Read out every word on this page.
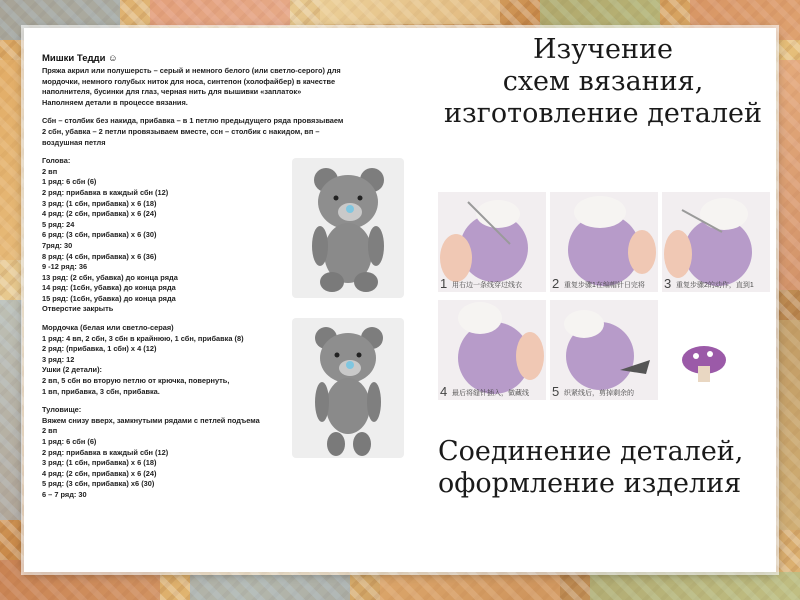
Мишки Тедди ☺
Пряжа акрил или полушерсть – серый и немного белого (или светло-серого) для
мордочки, немного голубых ниток для носа, синтепон (холофайбер) в качестве
наполнителя, бусинки для глаз, черная нить для вышивки «заплаток»
Наполняем детали в процессе вязания.
Сбн – столбик без накида, прибавка – в 1 петлю предыдущего ряда провязываем
2 сбн, убавка – 2 петли провязываем вместе, ссн – столбик с накидом, вп –
воздушная петля
Голова:
2 вп
1 ряд: 6 сбн (6)
2 ряд: прибавка в каждый сбн (12)
3 ряд: (1 сбн, прибавка) х 6 (18)
4 ряд: (2 сбн, прибавка) х 6 (24)
5 ряд: 24
6 ряд: (3 сбн, прибавка) х 6 (30)
7ряд: 30
8 ряд: (4 сбн, прибавка) х 6 (36)
9 -12 ряд: 36
13 ряд: (2 сбн, убавка) до конца ряда
14 ряд: (1сбн, убавка) до конца ряда
15 ряд: (1сбн, убавка) до конца ряда
Отверстие закрыть
Мордочка (белая или светло-серая)
1 ряд: 4 вп, 2 сбн, 3 сбн в крайнюю, 1 сбн, прибавка (8)
2 ряд: (прибавка, 1 сбн) х 4 (12)
3 ряд: 12
Ушки (2 детали):
2 вп, 5 сбн во вторую петлю от крючка, повернуть,
1 вп, прибавка, 3 сбн, прибавка.
Туловище:
Вяжем снизу вверх, замкнутыми рядами с петлей подъема
2 вп
1 ряд: 6 сбн (6)
2 ряд: прибавка в каждый сбн (12)
3 ряд: (1 сбн, прибавка) х 6 (18)
4 ряд: (2 сбн, прибавка) х 6 (24)
5 ряд: (3 сбн, прибавка) х6 (30)
6 – 7 ряд: 30
Изучение
схем вязания,
изготовление деталей
1 用右边一条线穿过线衣 2 重复步骤1在编帽针日完将 3 重复步骤2的动作，直到1
4 最后将缝针插入，做藏线 5 织紧线后，剪掉剩余的
Соединение деталей,
оформление изделия
